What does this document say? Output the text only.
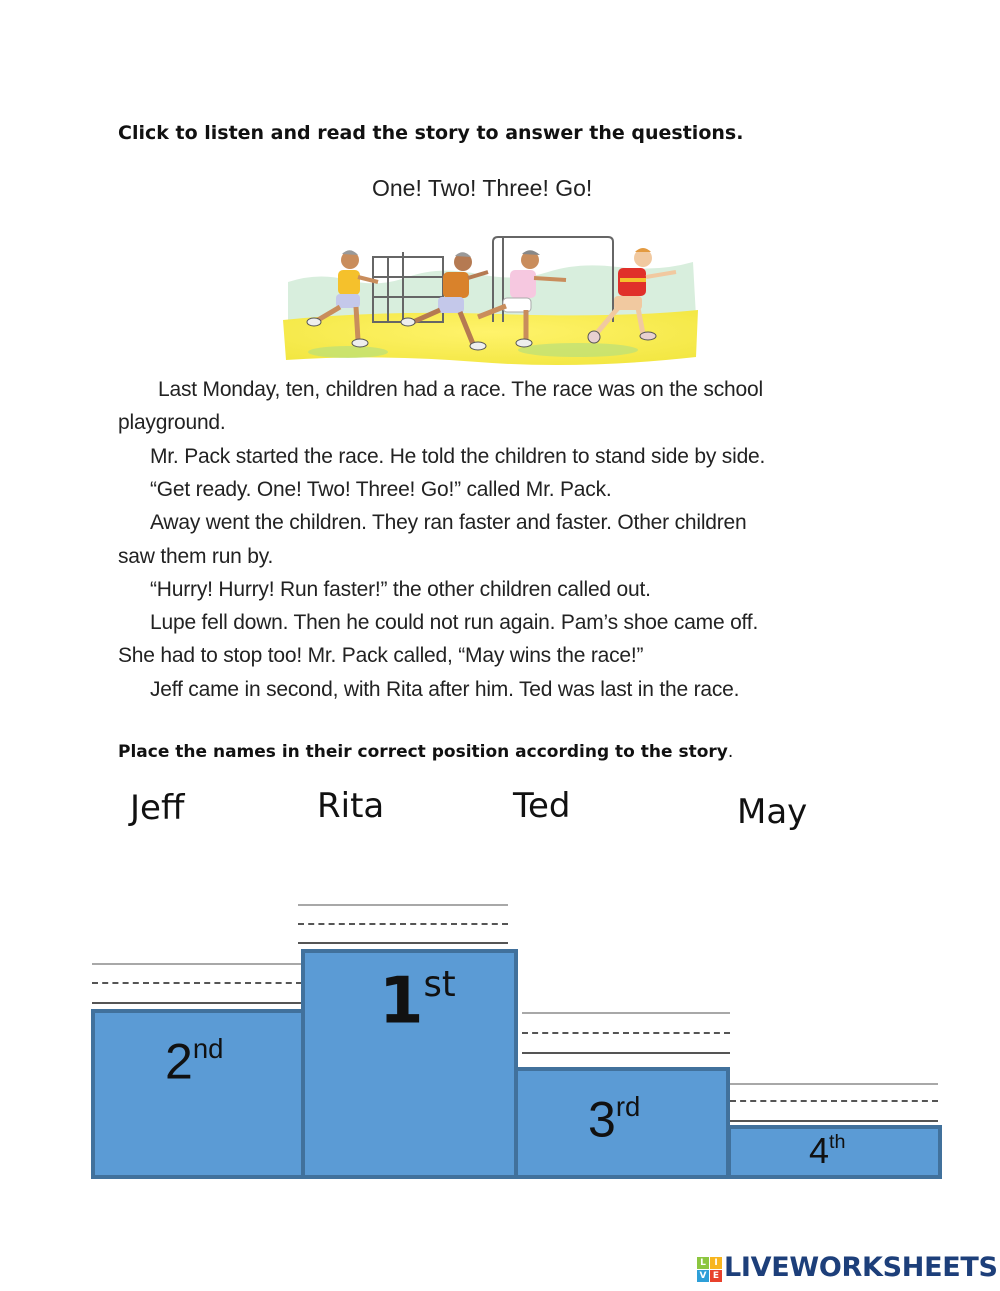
Click to listen and read the story to answer the questions.
One! Two! Three! Go!
Last Monday, ten, children had a race. The race was on the school
playground.
Mr. Pack started the race. He told the children to stand side by side.
“Get ready. One! Two! Three! Go!” called Mr. Pack.
Away went the children. They ran faster and faster. Other children
saw them run by.
“Hurry! Hurry! Run faster!” the other children called out.
Lupe fell down. Then he could not run again. Pam’s shoe came off.
She had to stop too! Mr. Pack called, “May wins the race!”
Jeff came in second, with Rita after him. Ted was last in the race.
Place the names in their correct position according to the story.
Jeff	Rita	Ted	May
2nd
1st
3rd
4th
L I
V E LIVEWORKSHEETS
